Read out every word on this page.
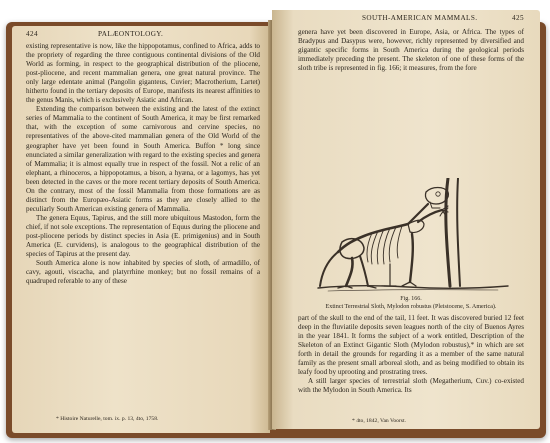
424	PALÆONTOLOGY.

existing representative is now, like the hippopotamus, confined to Africa, adds to the propriety of regarding the three contiguous continental divisions of the Old World as forming, in respect to the geographical distribution of the pliocene, post-pliocene, and recent mammalian genera, one great natural province. The only large edentate animal (Pangolin giganteus, Cuvier; Macrotherium, Lartet) hitherto found in the tertiary deposits of Europe, manifests its nearest affinities to the genus Manis, which is exclusively Asiatic and African.

Extending the comparison between the existing and the latest of the extinct series of Mammalia to the continent of South America, it may be first remarked that, with the exception of some carnivorous and cervine species, no representatives of the above-cited mammalian genera of the Old World of the geographer have yet been found in South America. Buffon * long since enunciated a similar generalization with regard to the existing species and genera of Mammalia; it is almost equally true in respect of the fossil. Not a relic of an elephant, a rhinoceros, a hippopotamus, a bison, a hyæna, or a lagomys, has yet been detected in the caves or the more recent tertiary deposits of South America. On the contrary, most of the fossil Mammalia from those formations are as distinct from the Europæo-Asiatic forms as they are closely allied to the peculiarly South American existing genera of Mammalia.

The genera Equus, Tapirus, and the still more ubiquitous Mastodon, form the chief, if not sole exceptions. The representation of Equus during the pliocene and post-pliocene periods by distinct species in Asia (E. primigenius) and in South America (E. curvidens), is analogous to the geographical distribution of the species of Tapirus at the present day.

South America alone is now inhabited by species of sloth, of armadillo, of cavy, agouti, viscacha, and platyrrhine monkey; but no fossil remains of a quadruped referable to any of these

* Histoire Naturelle, tom. ix. p. 13, 4to, 1758.
SOUTH-AMERICAN MAMMALS.	425

genera have yet been discovered in Europe, Asia, or Africa. The types of Bradypus and Dasypus were, however, richly represented by diversified and gigantic specific forms in South America during the geological periods immediately preceding the present. The skeleton of one of these forms of the sloth tribe is represented in fig. 166; it measures, from the fore

Fig. 166.
Extinct Terrestrial Sloth, Mylodon robustus (Pleistocene, S. America).

part of the skull to the end of the tail, 11 feet. It was discovered buried 12 feet deep in the fluviatile deposits seven leagues north of the city of Buenos Ayres in the year 1841. It forms the subject of a work entitled, Description of the Skeleton of an Extinct Gigantic Sloth (Mylodon robustus),* in which are set forth in detail the grounds for regarding it as a member of the same natural family as the present small arboreal sloth, and as being modified to obtain its leafy food by uprooting and prostrating trees.

A still larger species of terrestrial sloth (Megatherium, Cuv.) co-existed with the Mylodon in South America. Its

* 4to, 1842, Van Voorst.
